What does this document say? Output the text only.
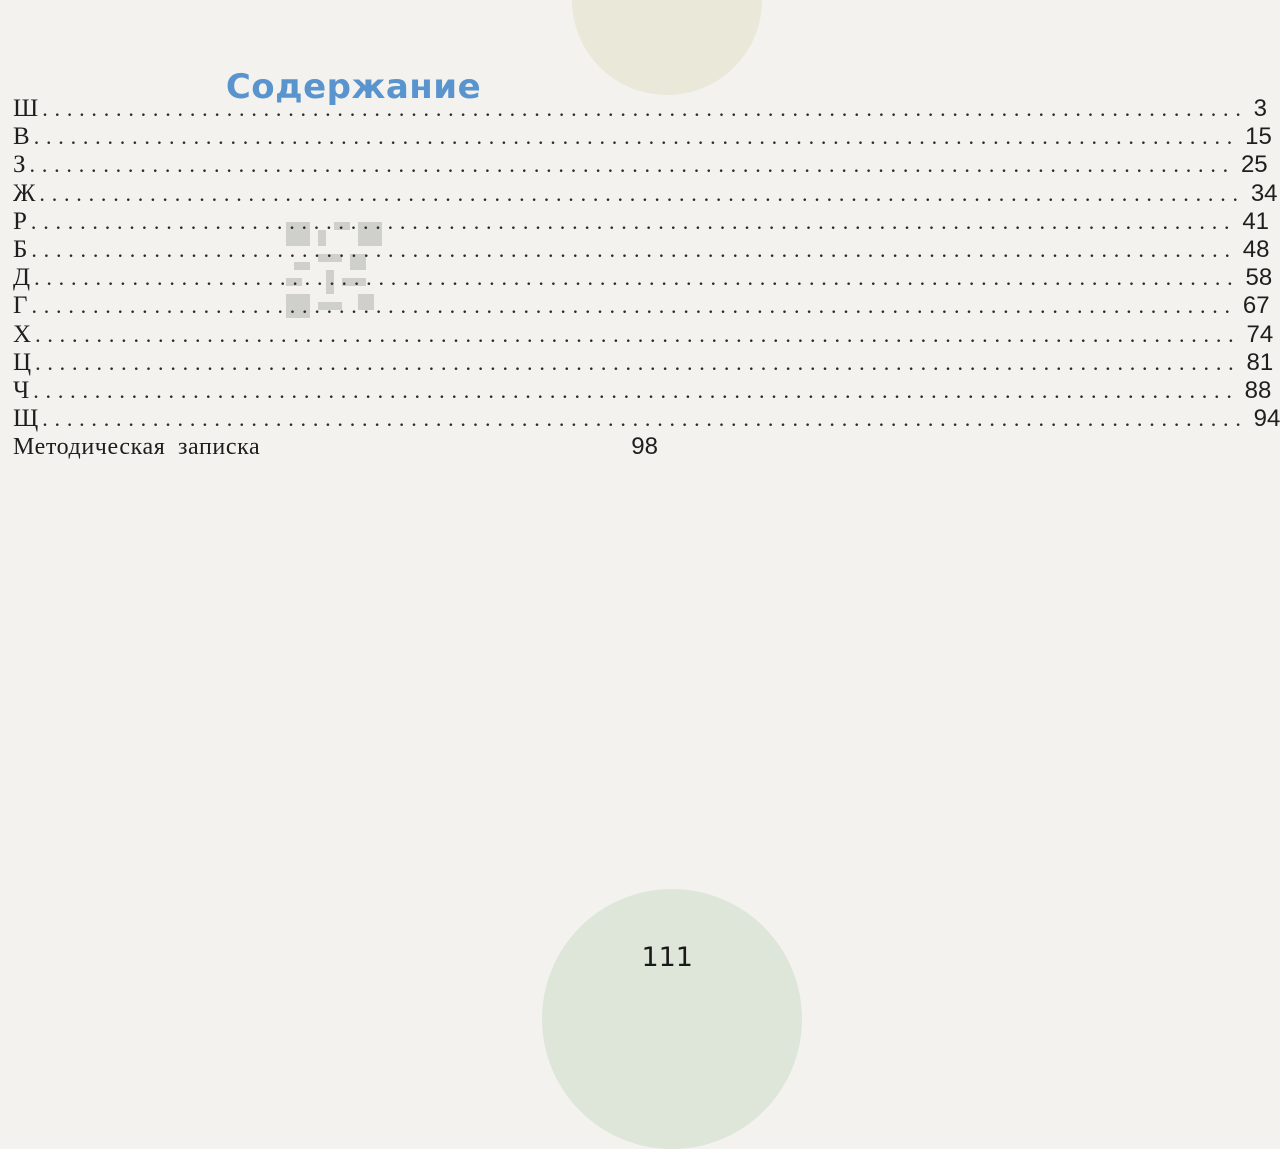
Содержание
Ш .................................................................................................. 3
В .................................................................................................. 15
З .................................................................................................. 25
Ж .................................................................................................. 34
Р .................................................................................................. 41
Б .................................................................................................. 48
Д .................................................................................................. 58
Г .................................................................................................. 67
Х .................................................................................................. 74
Ц .................................................................................................. 81
Ч .................................................................................................. 88
Щ .................................................................................................. 94
Методическая записка	98
111
